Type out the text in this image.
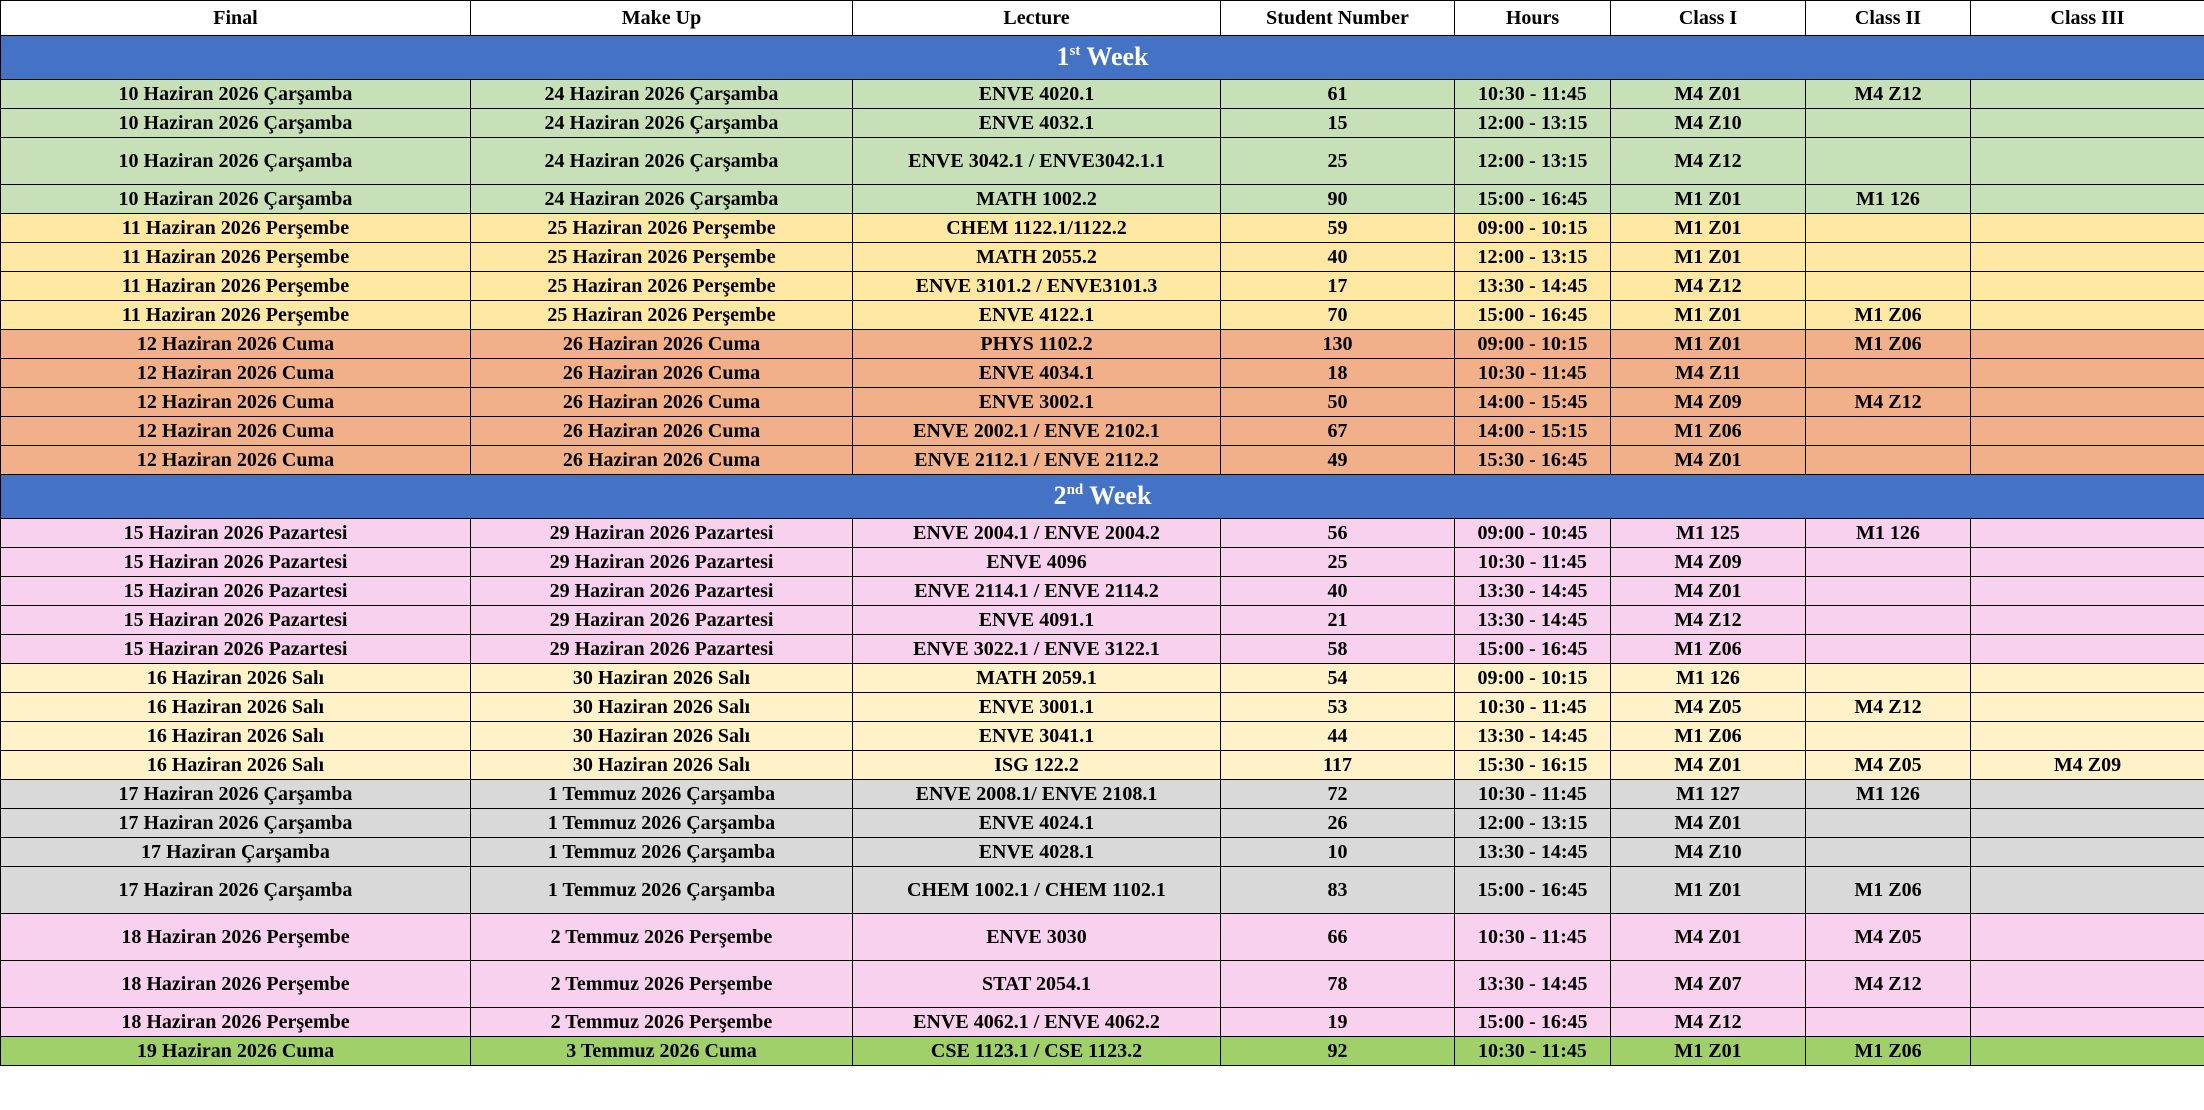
Final	Make Up	Lecture	Student Number	Hours	Class I	Class II	Class III
1st Week							
10 Haziran 2026 Çarşamba	24 Haziran 2026 Çarşamba	ENVE 4020.1	61	10:30 - 11:45	M4 Z01	M4 Z12	
10 Haziran 2026 Çarşamba	24 Haziran 2026 Çarşamba	ENVE 4032.1	15	12:00 - 13:15	M4 Z10		
10 Haziran 2026 Çarşamba	24 Haziran 2026 Çarşamba	ENVE 3042.1 / ENVE3042.1.1	25	12:00 - 13:15	M4 Z12		
10 Haziran 2026 Çarşamba	24 Haziran 2026 Çarşamba	MATH 1002.2	90	15:00 - 16:45	M1 Z01	M1 126	
11 Haziran 2026 Perşembe	25 Haziran 2026 Perşembe	CHEM 1122.1/1122.2	59	09:00 - 10:15	M1 Z01		
11 Haziran 2026 Perşembe	25 Haziran 2026 Perşembe	MATH 2055.2	40	12:00 - 13:15	M1 Z01		
11 Haziran 2026 Perşembe	25 Haziran 2026 Perşembe	ENVE 3101.2 / ENVE3101.3	17	13:30 - 14:45	M4 Z12		
11 Haziran 2026 Perşembe	25 Haziran 2026 Perşembe	ENVE 4122.1	70	15:00 - 16:45	M1 Z01	M1 Z06	
12 Haziran 2026 Cuma	26 Haziran 2026 Cuma	PHYS 1102.2	130	09:00 - 10:15	M1 Z01	M1 Z06	
12 Haziran 2026 Cuma	26 Haziran 2026 Cuma	ENVE 4034.1	18	10:30 - 11:45	M4 Z11		
12 Haziran 2026 Cuma	26 Haziran 2026 Cuma	ENVE 3002.1	50	14:00 - 15:45	M4 Z09	M4 Z12	
12 Haziran 2026 Cuma	26 Haziran 2026 Cuma	ENVE 2002.1 / ENVE 2102.1	67	14:00 - 15:15	M1 Z06		
12 Haziran 2026 Cuma	26 Haziran 2026 Cuma	ENVE 2112.1 / ENVE 2112.2	49	15:30 - 16:45	M4 Z01		
2nd Week							
15 Haziran 2026 Pazartesi	29 Haziran 2026 Pazartesi	ENVE 2004.1 / ENVE 2004.2	56	09:00 - 10:45	M1 125	M1 126	
15 Haziran 2026 Pazartesi	29 Haziran 2026 Pazartesi	ENVE 4096	25	10:30 - 11:45	M4 Z09		
15 Haziran 2026 Pazartesi	29 Haziran 2026 Pazartesi	ENVE 2114.1 / ENVE 2114.2	40	13:30 - 14:45	M4 Z01		
15 Haziran 2026 Pazartesi	29 Haziran 2026 Pazartesi	ENVE 4091.1	21	13:30 - 14:45	M4 Z12		
15 Haziran 2026 Pazartesi	29 Haziran 2026 Pazartesi	ENVE 3022.1 / ENVE 3122.1	58	15:00 - 16:45	M1 Z06		
16 Haziran 2026 Salı	30 Haziran 2026 Salı	MATH 2059.1	54	09:00 - 10:15	M1 126		
16 Haziran 2026 Salı	30 Haziran 2026 Salı	ENVE 3001.1	53	10:30 - 11:45	M4 Z05	M4 Z12	
16 Haziran 2026 Salı	30 Haziran 2026 Salı	ENVE 3041.1	44	13:30 - 14:45	M1 Z06		
16 Haziran 2026 Salı	30 Haziran 2026 Salı	ISG 122.2	117	15:30 - 16:15	M4 Z01	M4 Z05	M4 Z09
17 Haziran 2026 Çarşamba	1 Temmuz 2026 Çarşamba	ENVE 2008.1/ ENVE 2108.1	72	10:30 - 11:45	M1 127	M1 126	
17 Haziran 2026 Çarşamba	1 Temmuz 2026 Çarşamba	ENVE 4024.1	26	12:00 - 13:15	M4 Z01		
17 Haziran Çarşamba	1 Temmuz 2026 Çarşamba	ENVE 4028.1	10	13:30 - 14:45	M4 Z10		
17 Haziran 2026 Çarşamba	1 Temmuz 2026 Çarşamba	CHEM 1002.1 / CHEM 1102.1	83	15:00 - 16:45	M1 Z01	M1 Z06	
18 Haziran 2026 Perşembe	2 Temmuz 2026 Perşembe	ENVE 3030	66	10:30 - 11:45	M4 Z01	M4 Z05	
18 Haziran 2026 Perşembe	2 Temmuz 2026 Perşembe	STAT 2054.1	78	13:30 - 14:45	M4 Z07	M4 Z12	
18 Haziran 2026 Perşembe	2 Temmuz 2026 Perşembe	ENVE 4062.1 / ENVE 4062.2	19	15:00 - 16:45	M4 Z12		
19 Haziran 2026 Cuma	3 Temmuz 2026 Cuma	CSE 1123.1 / CSE 1123.2	92	10:30 - 11:45	M1 Z01	M1 Z06	
